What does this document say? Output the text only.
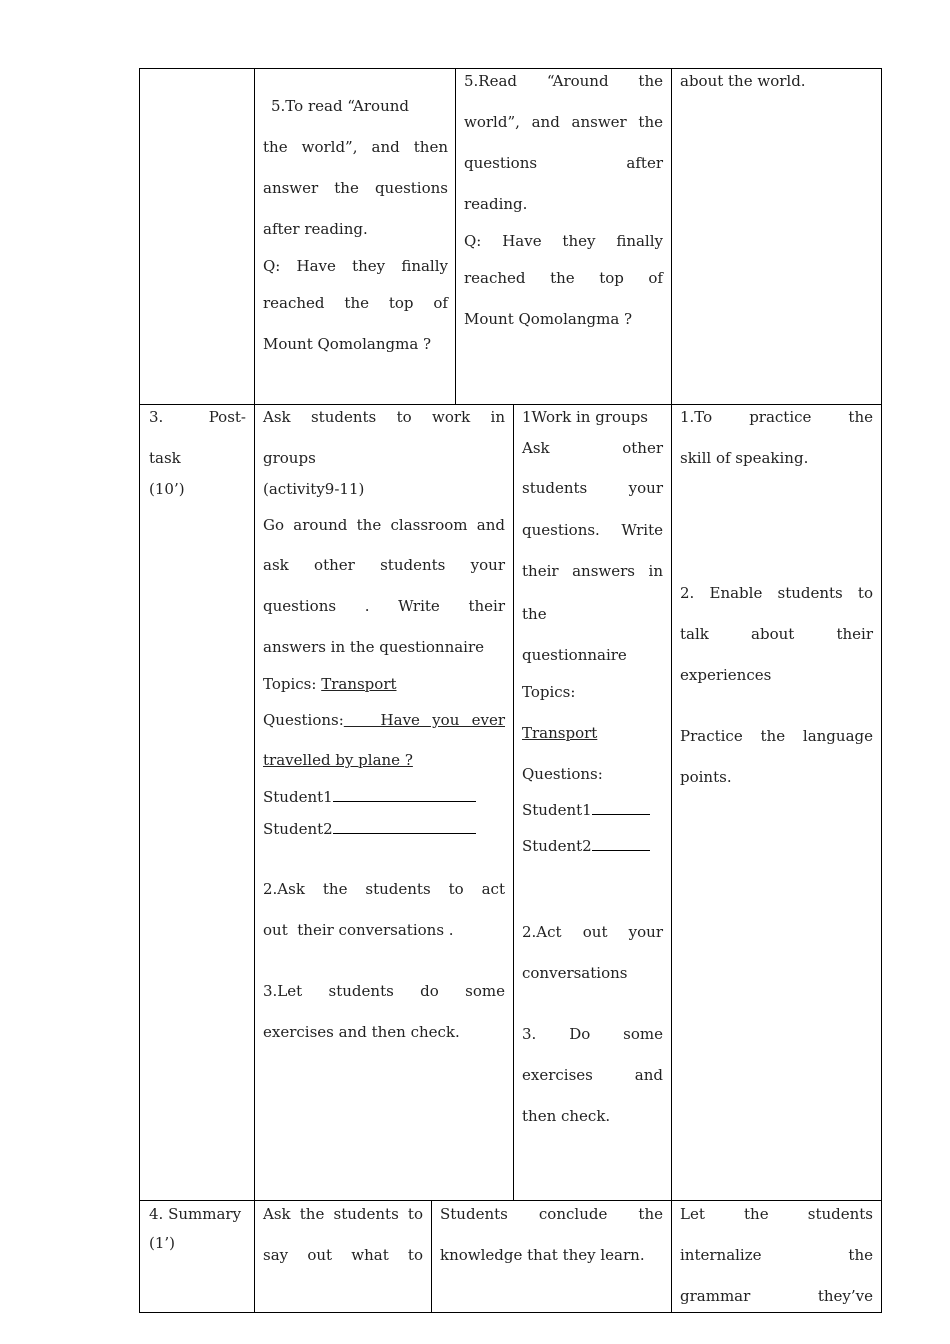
5.To read “Around

the world”, and then

answer the questions

after reading.

Q: Have they finally

reached the top of

Mount Qomolangma ?

5.Read “Around the

world”, and answer the

questions after

reading.

Q: Have they finally

reached the top of

Mount Qomolangma ?

about the world.

3.	Post-

task

(10’)

Ask students to work in

groups

(activity9-11)

Go around the classroom and

ask other students your

questions . Write their

answers in the questionnaire

Topics: Transport

Questions: Have you ever

travelled by plane ?

Student1

Student2

2.Ask the students to act

out  their conversations .

3.Let students do some

exercises and then check.

1Work in groups

Ask other

students your

questions. Write

their answers in

the

questionnaire

Topics:

Transport

Questions:

Student1

Student2

2.Act out your

conversations

3. Do some

exercises and

then check.

1.To practice the

skill of speaking.

2. Enable students to

talk about their

experiences

Practice the language

points.

4. Summary

(1’)

Ask the students to

say out what to

Students conclude the

knowledge that they learn.

Let the students

internalize the

grammar they’ve
